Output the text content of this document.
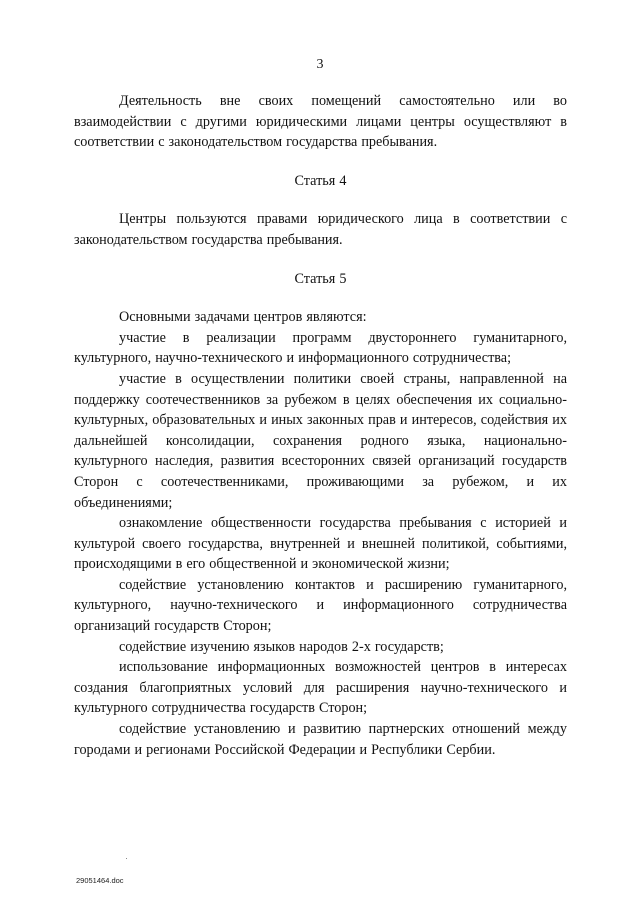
3

Деятельность вне своих помещений самостоятельно или во взаимодействии с другими юридическими лицами центры осуществляют в соответствии с законодательством государства пребывания.

Статья 4

Центры пользуются правами юридического лица в соответствии с законодательством государства пребывания.

Статья 5

Основными задачами центров являются:

участие в реализации программ двустороннего гуманитарного, культурного, научно-технического и информационного сотрудничества;

участие в осуществлении политики своей страны, направленной на поддержку соотечественников за рубежом в целях обеспечения их социально-культурных, образовательных и иных законных прав и интересов, содействия их дальнейшей консолидации, сохранения родного языка, национально-культурного наследия, развития всесторонних связей организаций государств Сторон с соотечественниками, проживающими за рубежом, и их объединениями;

ознакомление общественности государства пребывания с историей и культурой своего государства, внутренней и внешней политикой, событиями, происходящими в его общественной и экономической жизни;

содействие установлению контактов и расширению гуманитарного, культурного, научно-технического и информационного сотрудничества организаций государств Сторон;

содействие изучению языков народов 2-х государств;

использование информационных возможностей центров в интересах создания благоприятных условий для расширения научно-технического и культурного сотрудничества государств Сторон;

содействие установлению и развитию партнерских отношений между городами и регионами Российской Федерации и Республики Сербии.

29051464.doc
